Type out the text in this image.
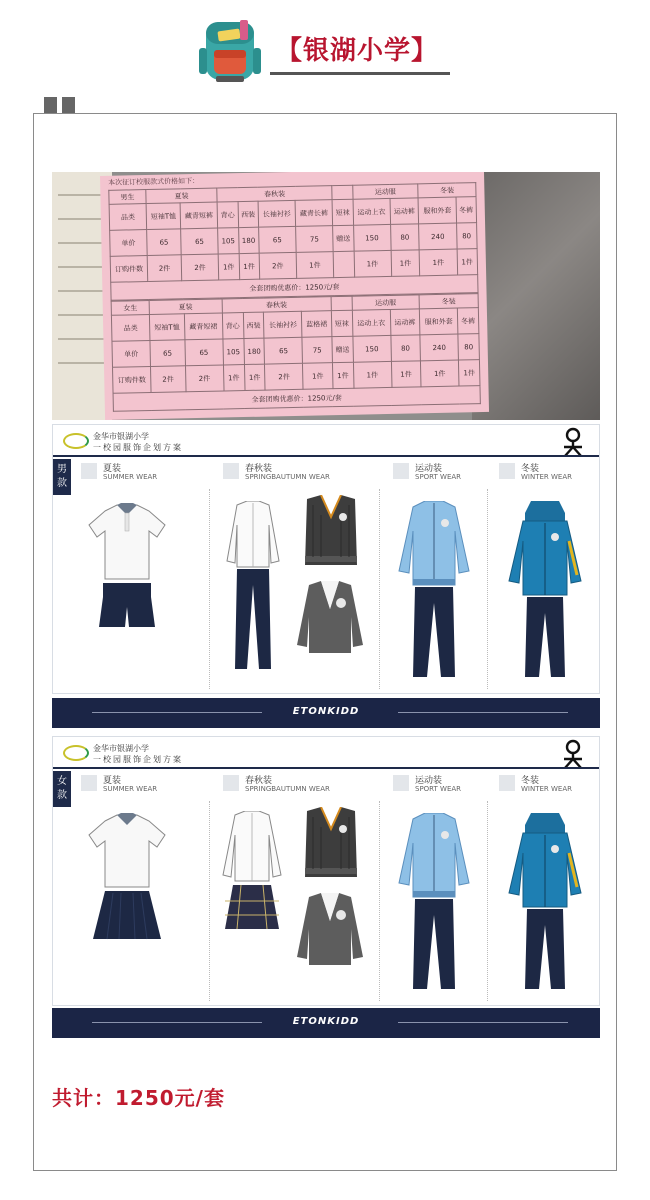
【银湖小学】
本次征订校服款式价格如下：
男生	夏装		春秋装					运动服		冬装	
品类	短袖T恤	藏青短裤	背心	西装	长袖衬衫	藏青长裤	短袜	运动上衣	运动裤	服和外套	冬裤
单价	65	65	105	180	65	75	赠送	150	80	240	80
订购件数	2件	2件	1件	1件	2件	1件		1件	1件	1件	1件
全套团购优惠价：1250元/套											
女生	夏装		春秋装					运动服		冬装	
品类	短袖T恤	藏青短裙	背心	西装	长袖衬衫	蓝格裙	短袜	运动上衣	运动裤	服和外套	冬裤
单价	65	65	105	180	65	75	赠送	150	80	240	80
订购件数	2件	2件	1件	1件	2件	1件	1件	1件	1件	1件	1件
全套团购优惠价：1250元/套											
金华市银湖小学
一校园服饰企划方案
男款
夏装
SUMMER WEAR
春秋装
SPRINGBAUTUMN WEAR
运动装
SPORT WEAR
冬装
WINTER WEAR
ETONKIDD
金华市银湖小学
一校园服饰企划方案
女款
夏装
SUMMER WEAR
春秋装
SPRINGBAUTUMN WEAR
运动装
SPORT WEAR
冬装
WINTER WEAR
ETONKIDD
共计：1250元/套
